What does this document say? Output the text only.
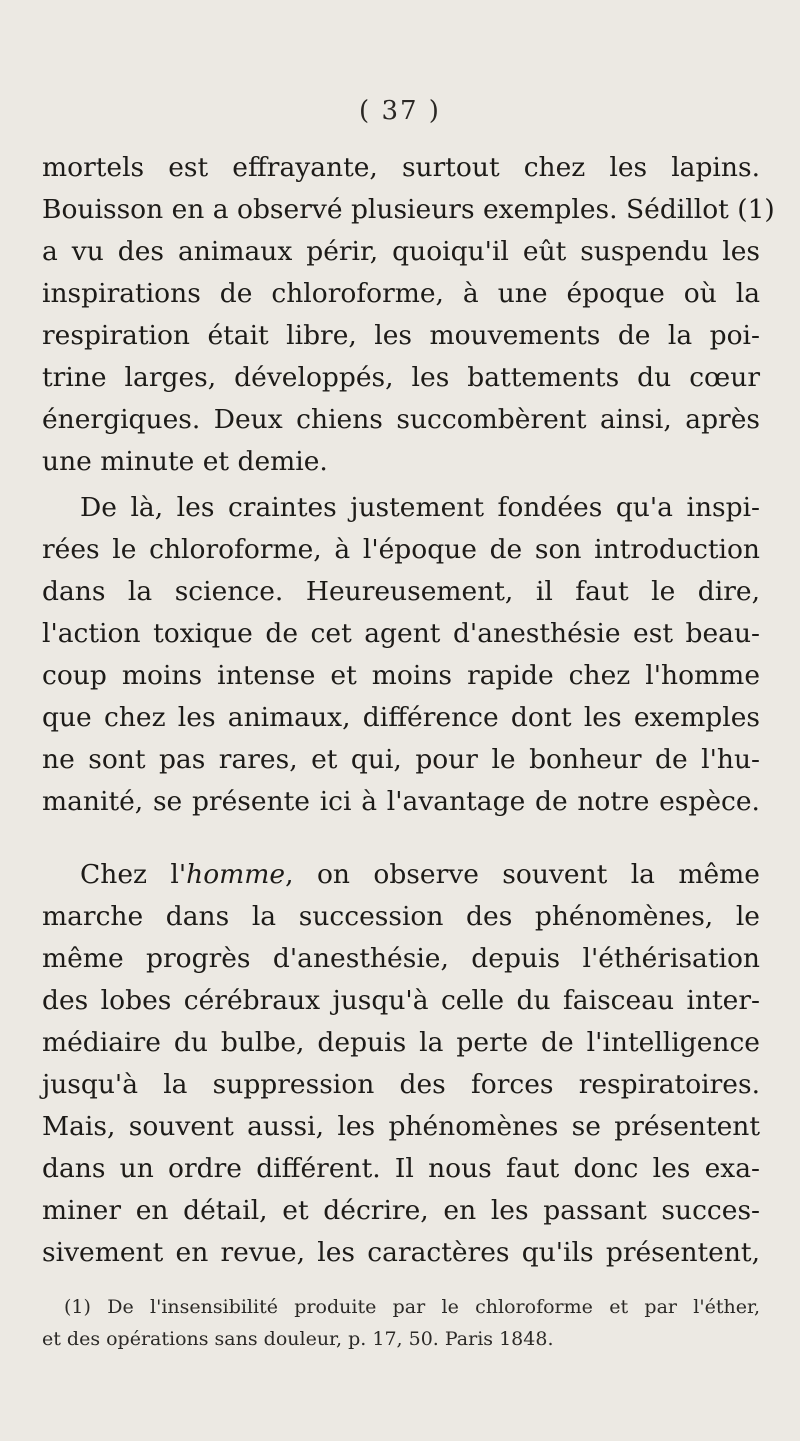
( 37 )
mortels est effrayante, surtout chez les lapins.
Bouisson en a observé plusieurs exemples. Sédillot (1)
a vu des animaux périr, quoiqu'il eût suspendu les
inspirations de chloroforme, à une époque où la
respiration était libre, les mouvements de la poi-
trine larges, développés, les battements du cœur
énergiques. Deux chiens succombèrent ainsi, après
une minute et demie.
De là, les craintes justement fondées qu'a inspi-
rées le chloroforme, à l'époque de son introduction
dans la science. Heureusement, il faut le dire,
l'action toxique de cet agent d'anesthésie est beau-
coup moins intense et moins rapide chez l'homme
que chez les animaux, différence dont les exemples
ne sont pas rares, et qui, pour le bonheur de l'hu-
manité, se présente ici à l'avantage de notre espèce.
Chez l'homme, on observe souvent la même
marche dans la succession des phénomènes, le
même progrès d'anesthésie, depuis l'éthérisation
des lobes cérébraux jusqu'à celle du faisceau inter-
médiaire du bulbe, depuis la perte de l'intelligence
jusqu'à la suppression des forces respiratoires.
Mais, souvent aussi, les phénomènes se présentent
dans un ordre différent. Il nous faut donc les exa-
miner en détail, et décrire, en les passant succes-
sivement en revue, les caractères qu'ils présentent,
(1) De l'insensibilité produite par le chloroforme et par l'éther,
et des opérations sans douleur, p. 17, 50. Paris 1848.
